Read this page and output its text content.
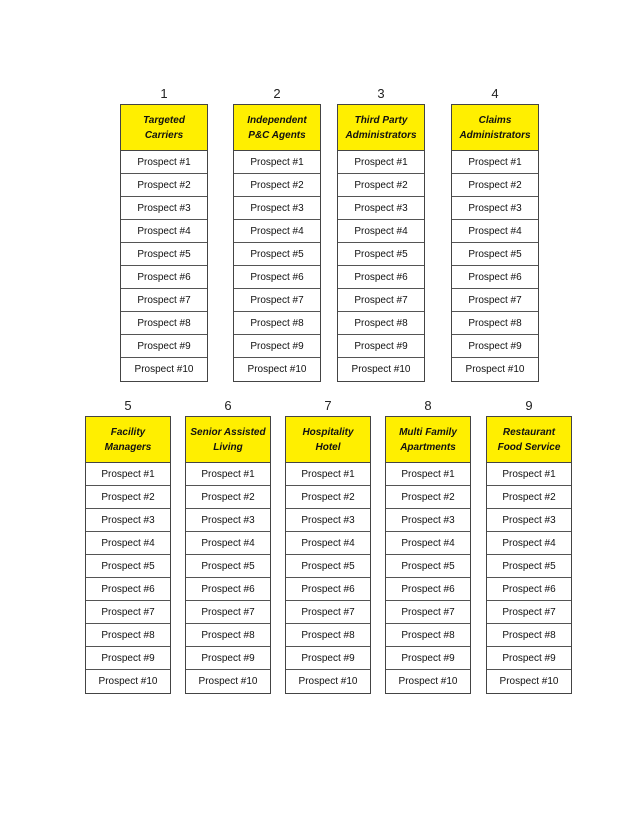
1
Targeted
Carriers
Prospect #1
Prospect #2
Prospect #3
Prospect #4
Prospect #5
Prospect #6
Prospect #7
Prospect #8
Prospect #9
Prospect #10
2
Independent
P&C Agents
Prospect #1
Prospect #2
Prospect #3
Prospect #4
Prospect #5
Prospect #6
Prospect #7
Prospect #8
Prospect #9
Prospect #10
3
Third Party
Administrators
Prospect #1
Prospect #2
Prospect #3
Prospect #4
Prospect #5
Prospect #6
Prospect #7
Prospect #8
Prospect #9
Prospect #10
4
Claims
Administrators
Prospect #1
Prospect #2
Prospect #3
Prospect #4
Prospect #5
Prospect #6
Prospect #7
Prospect #8
Prospect #9
Prospect #10
5
Facility
Managers
Prospect #1
Prospect #2
Prospect #3
Prospect #4
Prospect #5
Prospect #6
Prospect #7
Prospect #8
Prospect #9
Prospect #10
6
Senior Assisted
Living
Prospect #1
Prospect #2
Prospect #3
Prospect #4
Prospect #5
Prospect #6
Prospect #7
Prospect #8
Prospect #9
Prospect #10
7
Hospitality
Hotel
Prospect #1
Prospect #2
Prospect #3
Prospect #4
Prospect #5
Prospect #6
Prospect #7
Prospect #8
Prospect #9
Prospect #10
8
Multi Family
Apartments
Prospect #1
Prospect #2
Prospect #3
Prospect #4
Prospect #5
Prospect #6
Prospect #7
Prospect #8
Prospect #9
Prospect #10
9
Restaurant
Food Service
Prospect #1
Prospect #2
Prospect #3
Prospect #4
Prospect #5
Prospect #6
Prospect #7
Prospect #8
Prospect #9
Prospect #10
